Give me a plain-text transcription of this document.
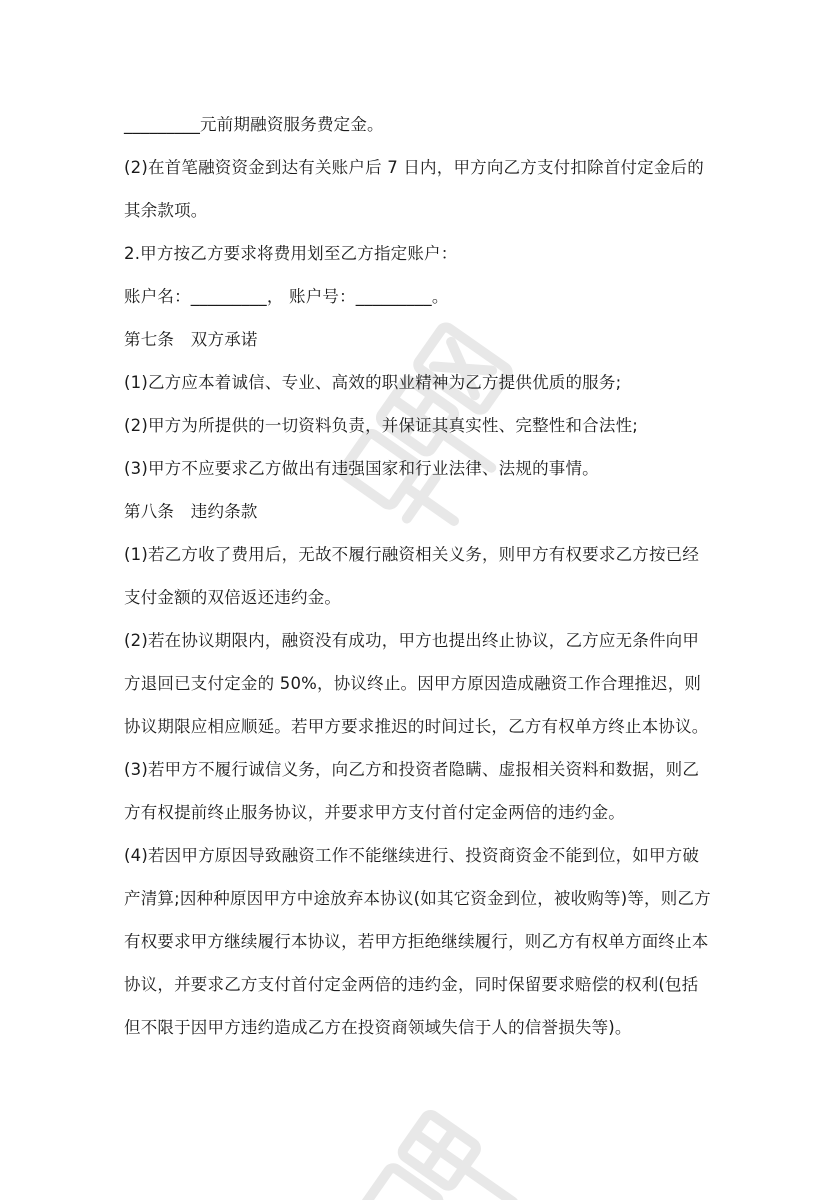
_________元前期融资服务费定金。
(2)在首笔融资资金到达有关账户后 7 日内，甲方向乙方支付扣除首付定金后的
其余款项。
2.甲方按乙方要求将费用划至乙方指定账户：
账户名：_________， 账户号：_________。
第七条　双方承诺
(1)乙方应本着诚信、专业、高效的职业精神为乙方提供优质的服务;
(2)甲方为所提供的一切资料负责，并保证其真实性、完整性和合法性;
(3)甲方不应要求乙方做出有违强国家和行业法律、法规的事情。
第八条　违约条款
(1)若乙方收了费用后，无故不履行融资相关义务，则甲方有权要求乙方按已经
支付金额的双倍返还违约金。
(2)若在协议期限内，融资没有成功，甲方也提出终止协议，乙方应无条件向甲
方退回已支付定金的 50%，协议终止。因甲方原因造成融资工作合理推迟，则
协议期限应相应顺延。若甲方要求推迟的时间过长，乙方有权单方终止本协议。
(3)若甲方不履行诚信义务，向乙方和投资者隐瞒、虚报相关资料和数据，则乙
方有权提前终止服务协议，并要求甲方支付首付定金两倍的违约金。
(4)若因甲方原因导致融资工作不能继续进行、投资商资金不能到位，如甲方破
产清算;因种种原因甲方中途放弃本协议(如其它资金到位，被收购等)等，则乙方
有权要求甲方继续履行本协议，若甲方拒绝继续履行，则乙方有权单方面终止本
协议，并要求乙方支付首付定金两倍的违约金，同时保留要求赔偿的权利(包括
但不限于因甲方违约造成乙方在投资商领域失信于人的信誉损失等)。
